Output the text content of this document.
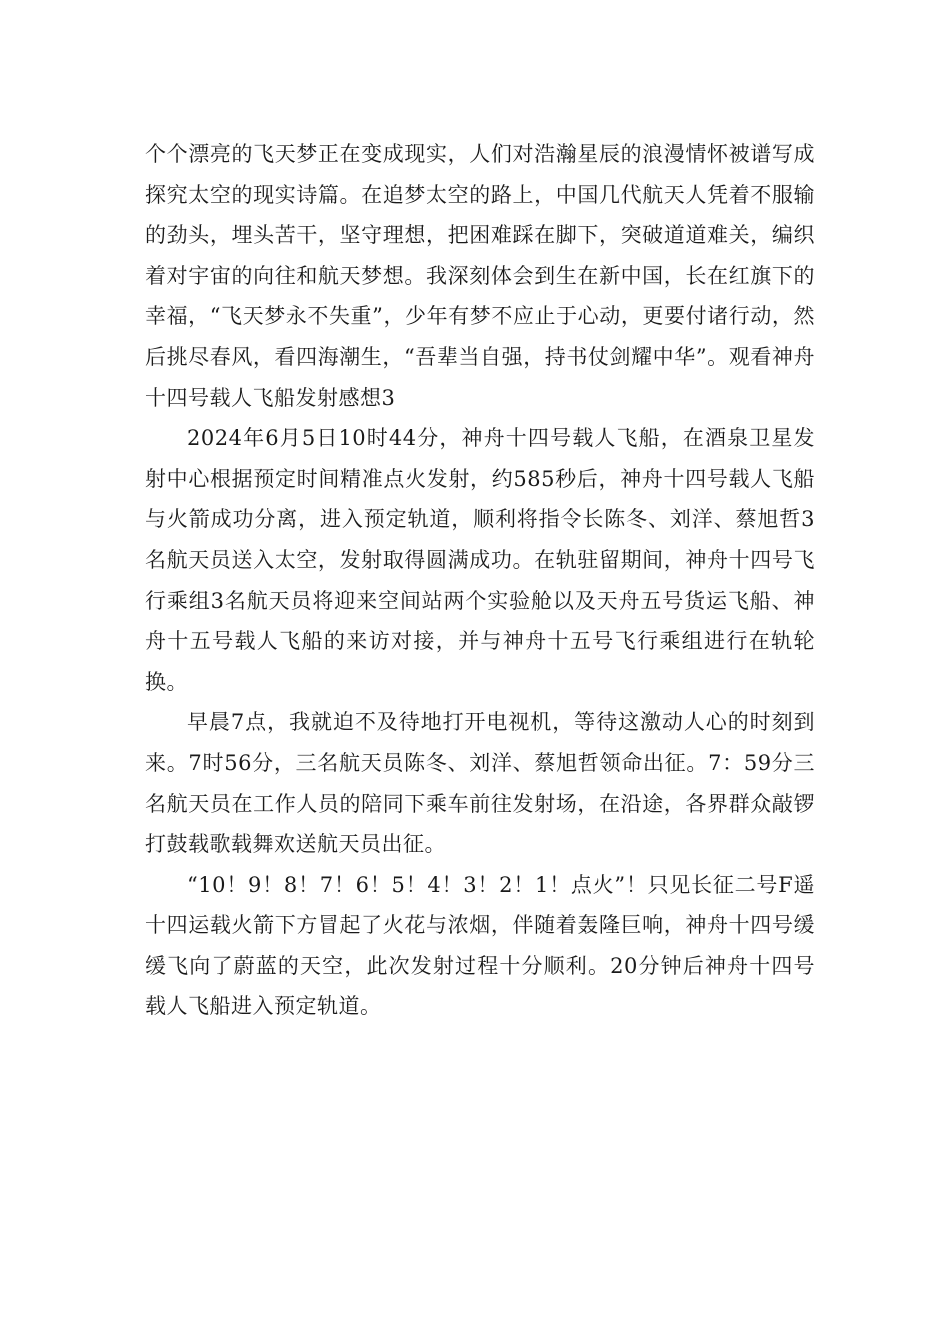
个个漂亮的飞天梦正在变成现实，人们对浩瀚星辰的浪漫情怀被谱写成探究太空的现实诗篇。在追梦太空的路上，中国几代航天人凭着不服输的劲头，埋头苦干，坚守理想，把困难踩在脚下，突破道道难关，编织着对宇宙的向往和航天梦想。我深刻体会到生在新中国，长在红旗下的幸福，“飞天梦永不失重”，少年有梦不应止于心动，更要付诸行动，然后挑尽春风，看四海潮生，“吾辈当自强，持书仗剑耀中华”。观看神舟十四号载人飞船发射感想3

2024年6月5日10时44分，神舟十四号载人飞船，在酒泉卫星发射中心根据预定时间精准点火发射，约585秒后，神舟十四号载人飞船与火箭成功分离，进入预定轨道，顺利将指令长陈冬、刘洋、蔡旭哲3名航天员送入太空，发射取得圆满成功。在轨驻留期间，神舟十四号飞行乘组3名航天员将迎来空间站两个实验舱以及天舟五号货运飞船、神舟十五号载人飞船的来访对接，并与神舟十五号飞行乘组进行在轨轮换。

早晨7点，我就迫不及待地打开电视机，等待这激动人心的时刻到来。7时56分，三名航天员陈冬、刘洋、蔡旭哲领命出征。7：59分三名航天员在工作人员的陪同下乘车前往发射场，在沿途，各界群众敲锣打鼓载歌载舞欢送航天员出征。

“10！9！8！7！6！5！4！3！2！1！点火”！只见长征二号F遥十四运载火箭下方冒起了火花与浓烟，伴随着轰隆巨响，神舟十四号缓缓飞向了蔚蓝的天空，此次发射过程十分顺利。20分钟后神舟十四号载人飞船进入预定轨道。
